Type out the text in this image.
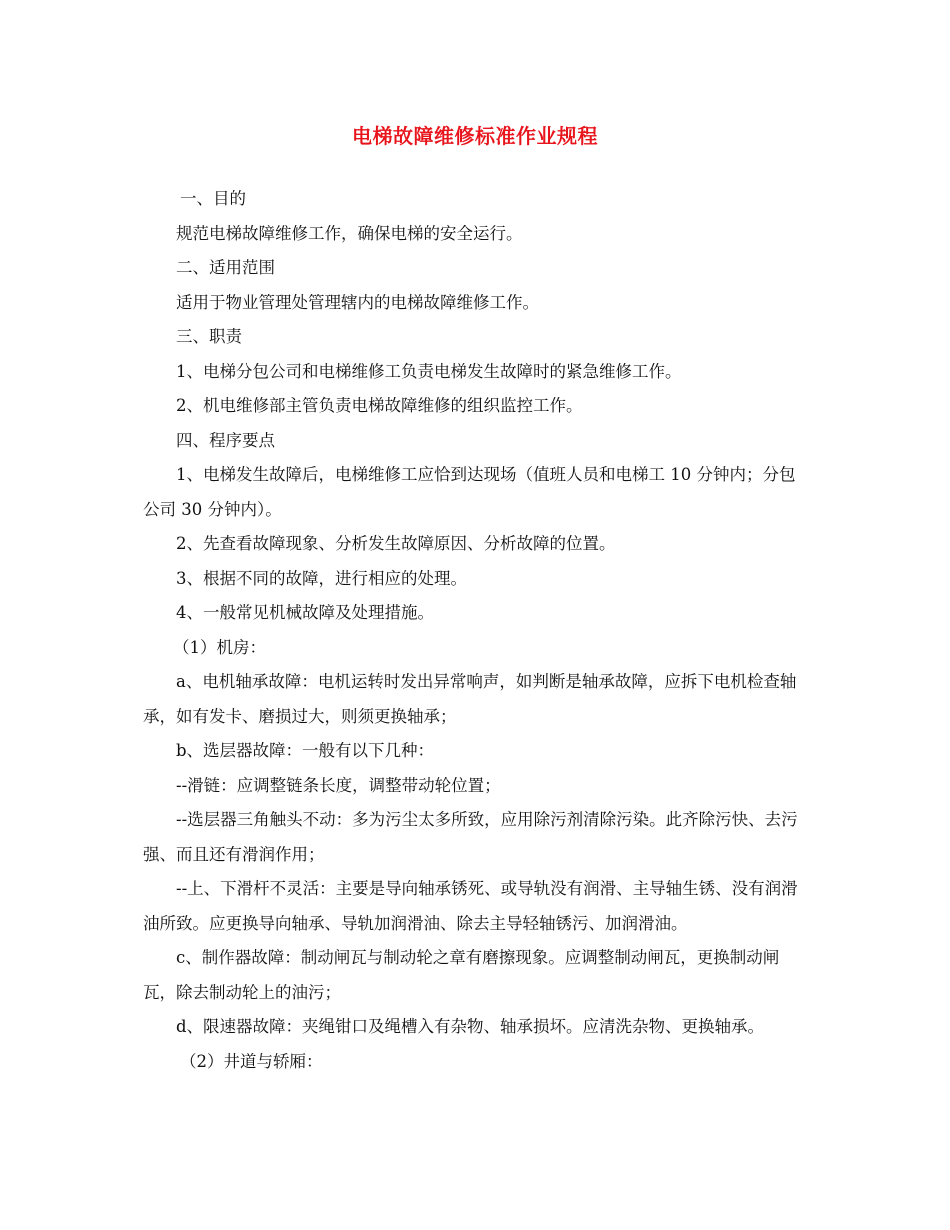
电梯故障维修标准作业规程

一、目的

规范电梯故障维修工作，确保电梯的安全运行。

二、适用范围

适用于物业管理处管理辖内的电梯故障维修工作。

三、职责

1、电梯分包公司和电梯维修工负责电梯发生故障时的紧急维修工作。

2、机电维修部主管负责电梯故障维修的组织监控工作。

四、程序要点

1、电梯发生故障后，电梯维修工应恰到达现场（值班人员和电梯工 10 分钟内；分包公司 30 分钟内）。

2、先查看故障现象、分析发生故障原因、分析故障的位置。

3、根据不同的故障，进行相应的处理。

4、一般常见机械故障及处理措施。

（1）机房：

a、电机轴承故障：电机运转时发出异常响声，如判断是轴承故障，应拆下电机检查轴承，如有发卡、磨损过大，则须更换轴承；

b、选层器故障：一般有以下几种：

--滑链：应调整链条长度，调整带动轮位置；

--选层器三角触头不动：多为污尘太多所致，应用除污剂清除污染。此齐除污快、去污强、而且还有滑润作用；

--上、下滑杆不灵活：主要是导向轴承锈死、或导轨没有润滑、主导轴生锈、没有润滑油所致。应更换导向轴承、导轨加润滑油、除去主导轻轴锈污、加润滑油。

c、制作器故障：制动闸瓦与制动轮之章有磨擦现象。应调整制动闸瓦，更换制动闸瓦，除去制动轮上的油污；

d、限速器故障：夹绳钳口及绳槽入有杂物、轴承损坏。应清洗杂物、更换轴承。

（2）井道与轿厢：
